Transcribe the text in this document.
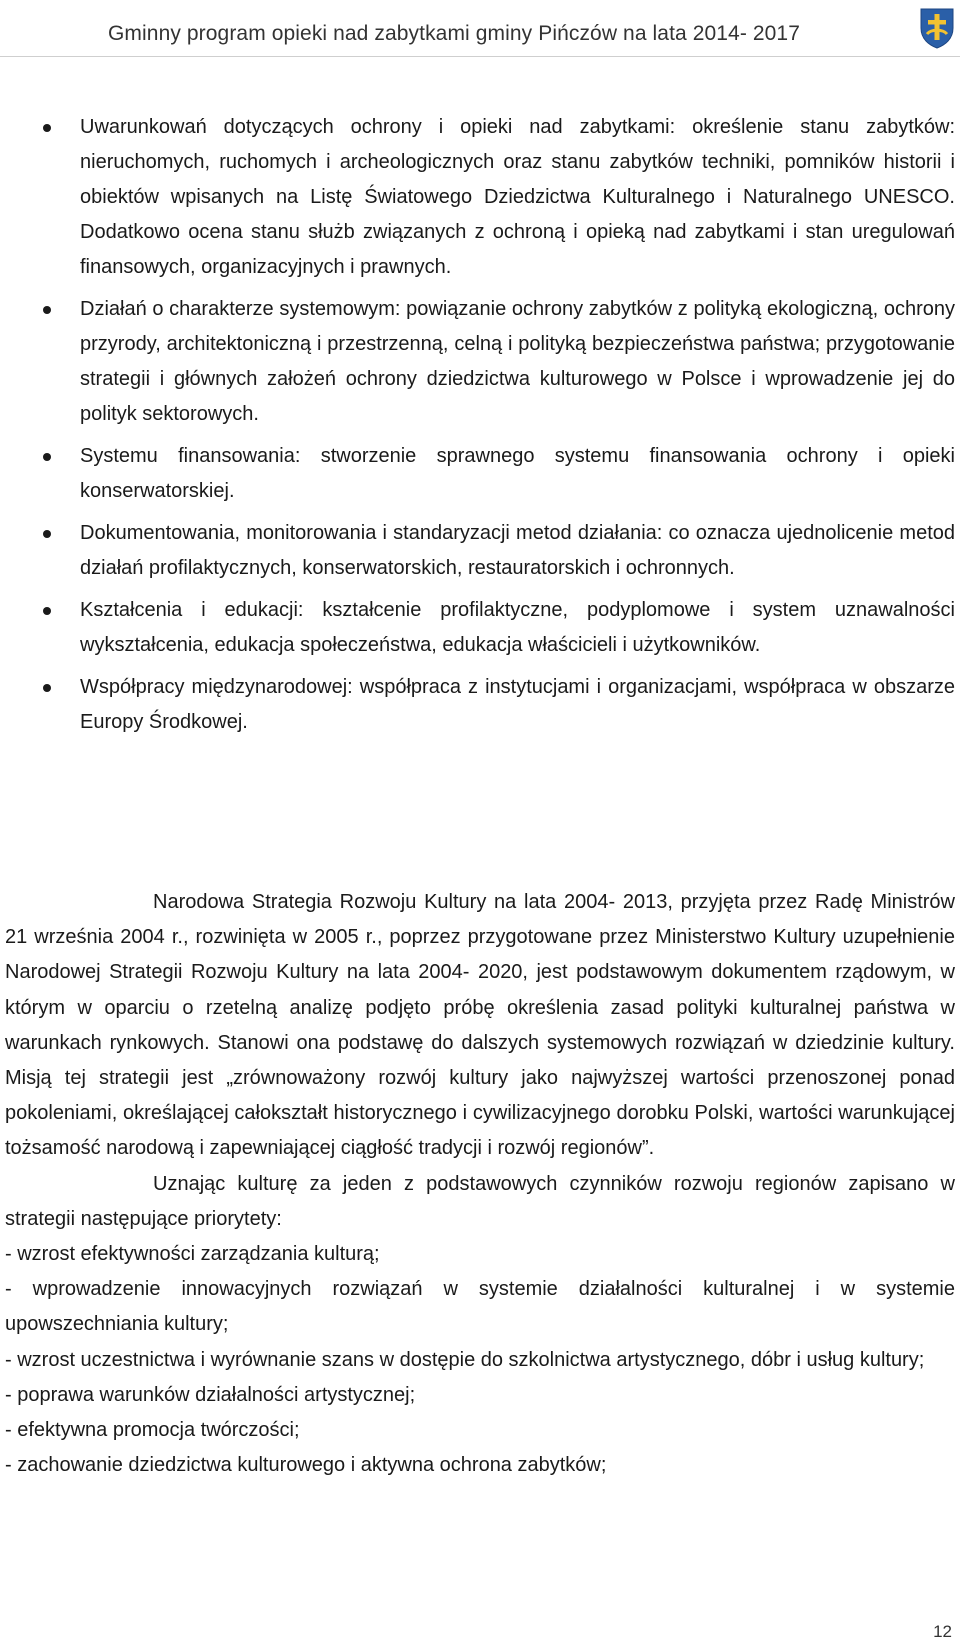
Gminny program opieki nad zabytkami gminy Pińczów na lata 2014- 2017
Uwarunkowań dotyczących ochrony i opieki nad zabytkami: określenie stanu zabytków: nieruchomych, ruchomych i archeologicznych oraz stanu zabytków techniki, pomników historii i obiektów wpisanych na Listę Światowego Dziedzictwa Kulturalnego i Naturalnego UNESCO. Dodatkowo ocena stanu służb związanych z ochroną i opieką nad zabytkami i stan uregulowań finansowych, organizacyjnych i prawnych.
Działań o charakterze systemowym: powiązanie ochrony zabytków z polityką ekologiczną, ochrony przyrody, architektoniczną i przestrzenną, celną i polityką bezpieczeństwa państwa; przygotowanie strategii i głównych założeń ochrony dziedzictwa kulturowego w Polsce i wprowadzenie jej do polityk sektorowych.
Systemu finansowania: stworzenie sprawnego systemu finansowania ochrony i opieki konserwatorskiej.
Dokumentowania, monitorowania i standaryzacji metod działania: co oznacza ujednolicenie metod działań profilaktycznych, konserwatorskich, restauratorskich i ochronnych.
Kształcenia i edukacji: kształcenie profilaktyczne, podyplomowe i system uznawalności wykształcenia, edukacja społeczeństwa, edukacja właścicieli i użytkowników.
Współpracy międzynarodowej: współpraca z instytucjami i organizacjami, współpraca w obszarze Europy Środkowej.

Narodowa Strategia Rozwoju Kultury na lata 2004- 2013, przyjęta przez Radę Ministrów 21 września 2004 r., rozwinięta w 2005 r., poprzez przygotowane przez Ministerstwo Kultury uzupełnienie Narodowej Strategii Rozwoju Kultury na lata 2004- 2020, jest podstawowym dokumentem rządowym, w którym w oparciu o rzetelną analizę podjęto próbę określenia zasad polityki kulturalnej państwa w warunkach rynkowych. Stanowi ona podstawę do dalszych systemowych rozwiązań w dziedzinie kultury. Misją tej strategii jest „zrównoważony rozwój kultury jako najwyższej wartości przenoszonej ponad pokoleniami, określającej całokształt historycznego i cywilizacyjnego dorobku Polski, wartości warunkującej tożsamość narodową i zapewniającej ciągłość tradycji i rozwój regionów”.

Uznając kulturę za jeden z podstawowych czynników rozwoju regionów zapisano w strategii następujące priorytety:

- wzrost efektywności zarządzania kulturą;

- wprowadzenie innowacyjnych rozwiązań w systemie działalności kulturalnej i w systemie upowszechniania kultury;

- wzrost uczestnictwa i wyrównanie szans w dostępie do szkolnictwa artystycznego, dóbr i usług kultury;

- poprawa warunków działalności artystycznej;

- efektywna promocja twórczości;

- zachowanie dziedzictwa kulturowego i aktywna ochrona zabytków;

12
